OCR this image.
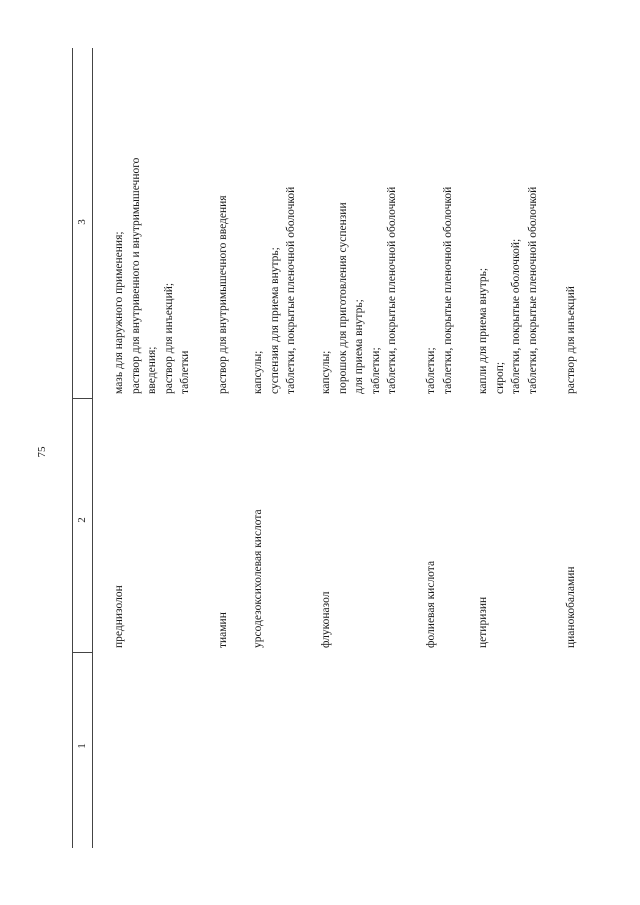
75
1
2
3
преднизолон
мазь для наружного применения; раствор для внутривенного и внутримышечного введения; раствор для инъекций; таблетки
тиамин
раствор для внутримышечного введения
урсодезоксихолевая кислота
капсулы; суспензия для приема внутрь; таблетки, покрытые пленочной оболочкой
флуконазол
капсулы; порошок для приготовления суспензии для приема внутрь; таблетки; таблетки, покрытые пленочной оболочкой
фолиевая кислота
таблетки; таблетки, покрытые пленочной оболочкой
цетиризин
капли для приема внутрь; сироп; таблетки, покрытые оболочкой; таблетки, покрытые пленочной оболочкой
цианокобаламин
раствор для инъекций
